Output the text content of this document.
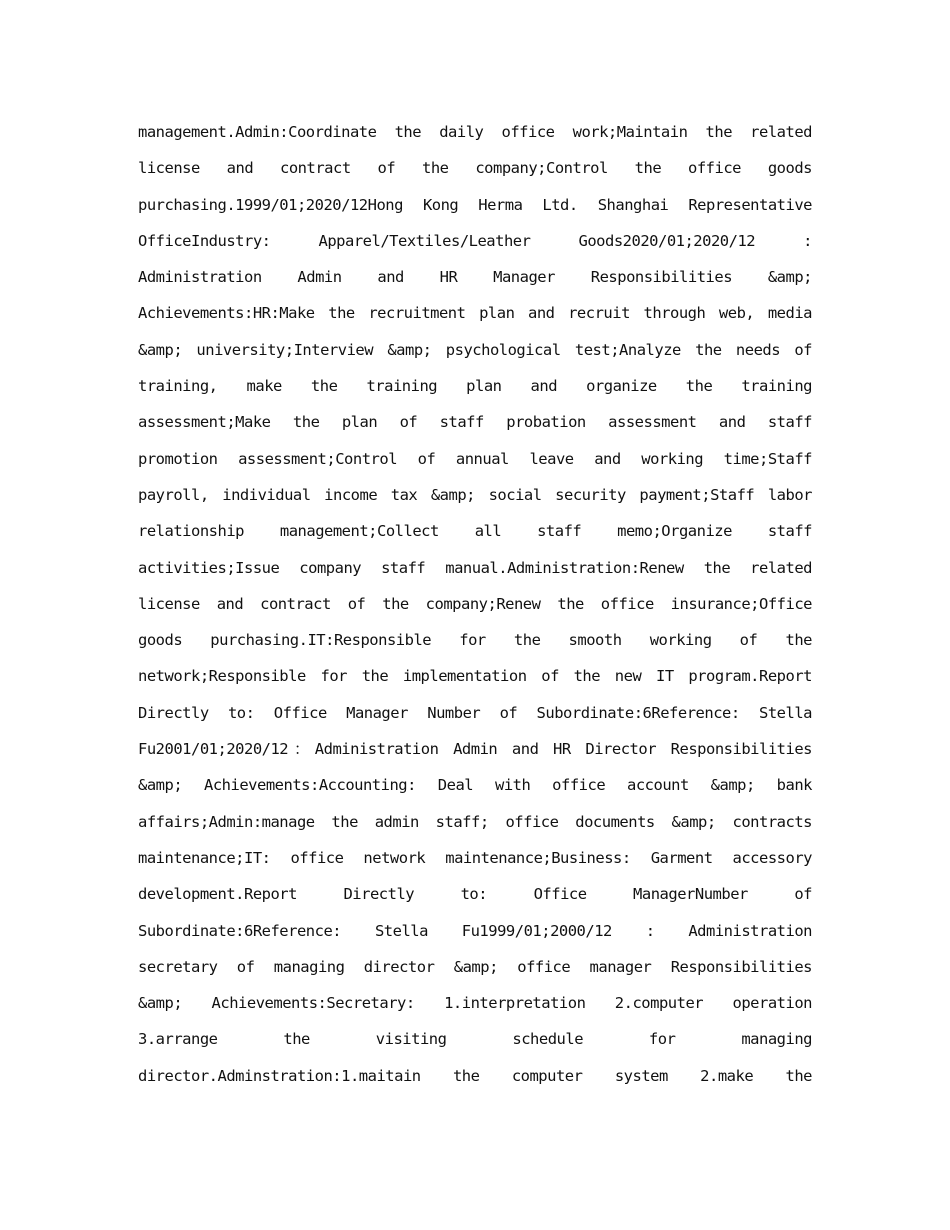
management.Admin:Coordinate the daily office work;Maintain the related
license and contract of the company;Control the office goods
purchasing.1999/01;2020/12Hong Kong Herma Ltd. Shanghai Representative
OfficeIndustry: Apparel/Textiles/Leather Goods2020/01;2020/12 :
Administration Admin and HR Manager Responsibilities &amp;
Achievements:HR:Make the recruitment plan and recruit through web, media
&amp; university;Interview &amp; psychological test;Analyze the needs of
training, make the training plan and organize the training
assessment;Make the plan of staff probation assessment and staff
promotion assessment;Control of annual leave and working time;Staff
payroll, individual income tax &amp; social security payment;Staff labor
relationship management;Collect all staff memo;Organize staff
activities;Issue company staff manual.Administration:Renew the related
license and contract of the company;Renew the office insurance;Office
goods purchasing.IT:Responsible for the smooth working of the
network;Responsible for the implementation of the new IT program.Report
Directly to: Office Manager Number of Subordinate:6Reference: Stella
Fu2001/01;2020/12：Administration Admin and HR Director Responsibilities
&amp; Achievements:Accounting: Deal with office account &amp; bank
affairs;Admin:manage the admin staff; office documents &amp; contracts
maintenance;IT: office network maintenance;Business: Garment accessory
development.Report Directly to: Office ManagerNumber of
Subordinate:6Reference: Stella Fu1999/01;2000/12 : Administration
secretary of managing director &amp; office manager Responsibilities
&amp; Achievements:Secretary: 1.interpretation 2.computer operation
3.arrange the visiting schedule for managing
director.Adminstration:1.maitain the computer system 2.make the
